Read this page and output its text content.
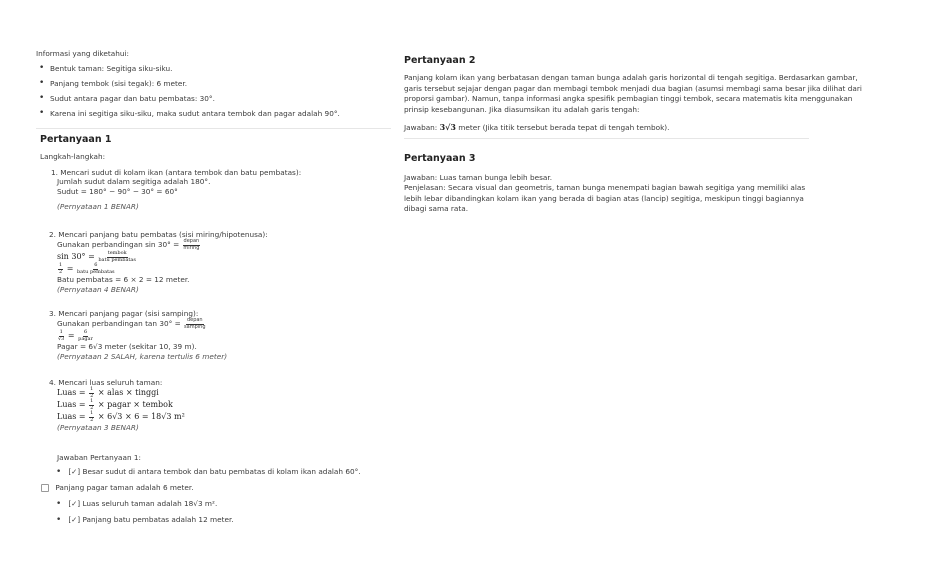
Informasi yang diketahui:
• Bentuk taman: Segitiga siku-siku.
• Panjang tembok (sisi tegak): 6 meter.
• Sudut antara pagar dan batu pembatas: 30°.
• Karena ini segitiga siku-siku, maka sudut antara tembok dan pagar adalah 90°.
Pertanyaan 1
Langkah-langkah:
1. Mencari sudut di kolam ikan (antara tembok dan batu pembatas):
Jumlah sudut dalam segitiga adalah 180°.
Sudut = 180° − 90° − 30° = 60°
(Pernyataan 1 BENAR)
2. Mencari panjang batu pembatas (sisi miring/hipotenusa):
Gunakan perbandingan $\sin 30^\circ = \frac{\text{depan}}{\text{miring}}$
$\sin 30^\circ = \frac{\text{tembok}}{\text{batu pembatas}}$
$\frac{1}{2} = \frac{6}{\text{batu pembatas}}$
Batu pembatas = 6 × 2 = 12 meter.
(Pernyataan 4 BENAR)
3. Mencari panjang pagar (sisi samping):
Gunakan perbandingan $\tan 30^\circ = \frac{\text{depan}}{\text{samping}}$
$\frac{1}{√3} = \frac{6}{\text{pagar}}$
Pagar = 6√3 meter (sekitar 10, 39 m).
(Pernyataan 2 SALAH, karena tertulis 6 meter)
4. Mencari luas seluruh taman:
Luas = $\frac{1}{2}$ × alas × tinggi
Luas = $\frac{1}{2}$ × pagar × tembok
Luas = $\frac{1}{2} \times 6√3 \times 6 = 18√3$ m²
(Pernyataan 3 BENAR)
Jawaban Pertanyaan 1:
• [✓] Besar sudut di antara tembok dan batu pembatas di kolam ikan adalah 60°.
Panjang pagar taman adalah 6 meter.
• [✓] Luas seluruh taman adalah 18√3 m².
• [✓] Panjang batu pembatas adalah 12 meter.
Pertanyaan 2
Panjang kolam ikan yang berbatasan dengan taman bunga adalah garis horizontal di tengah segitiga. Berdasarkan gambar, garis tersebut sejajar dengan pagar dan membagi tembok menjadi dua bagian (asumsi membagi sama besar jika dilihat dari proporsi gambar). Namun, tanpa informasi angka spesifik pembagian tinggi tembok, secara matematis kita menggunakan prinsip kesebangunan. Jika diasumsikan itu adalah garis tengah:
Jawaban: 3√3 meter (Jika titik tersebut berada tepat di tengah tembok).
Pertanyaan 3
Jawaban: Luas taman bunga lebih besar.
Penjelasan: Secara visual dan geometris, taman bunga menempati bagian bawah segitiga yang memiliki alas lebih lebar dibandingkan kolam ikan yang berada di bagian atas (lancip) segitiga, meskipun tinggi bagiannya dibagi sama rata.
